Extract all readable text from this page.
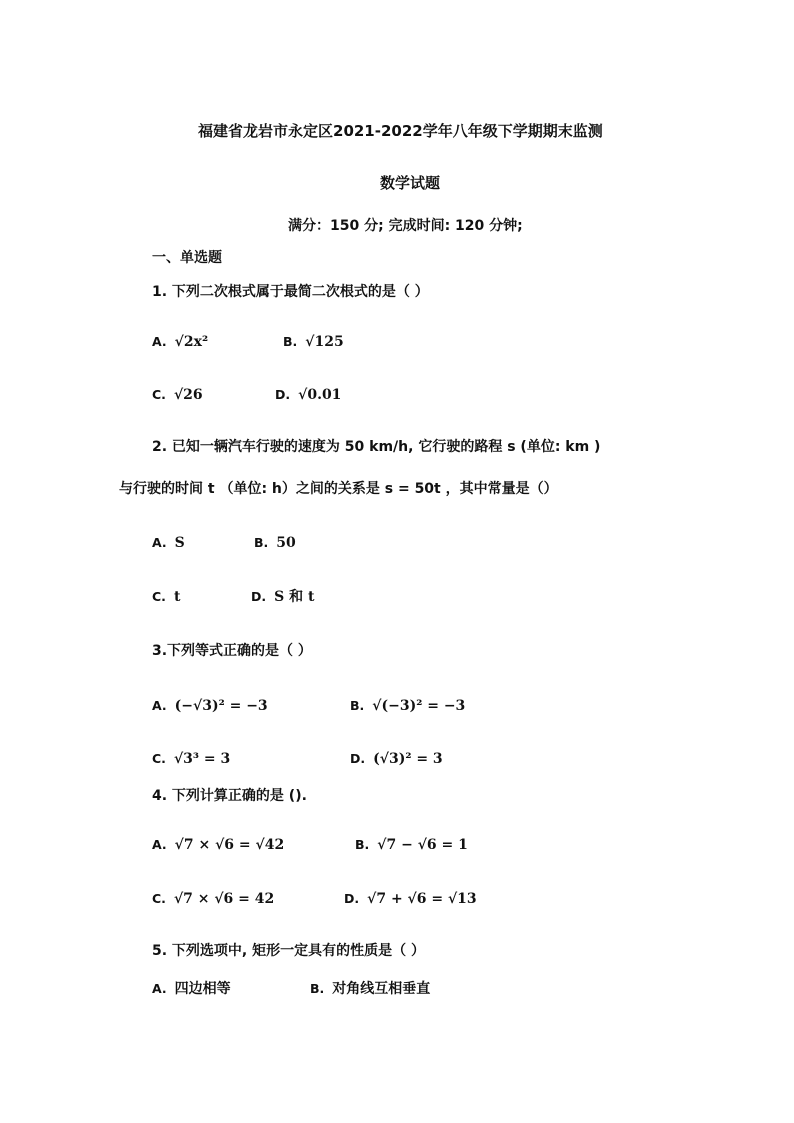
福建省龙岩市永定区2021-2022学年八年级下学期期末监测
数学试题
满分：150 分; 完成时间: 120 分钟;
一、单选题
1. 下列二次根式属于最简二次根式的是（ ）
A. √2x²	B. √125
C. √26	D. √0.01
2. 已知一辆汽车行驶的速度为 50 km/h, 它行驶的路程 s (单位: km )
与行驶的时间 t （单位: h）之间的关系是 s = 50t ，其中常量是（）
A. S	B. 50
C. t	D. S 和 t
3.下列等式正确的是（ ）
A. (−√3)² = −3	B. √(−3)² = −3
C. √3³ = 3	D. (√3)² = 3
4. 下列计算正确的是 ().
A. √7 × √6 = √42	B. √7 − √6 = 1
C. √7 × √6 = 42	D. √7 + √6 = √13
5. 下列选项中, 矩形一定具有的性质是（ ）
A. 四边相等	B. 对角线互相垂直
